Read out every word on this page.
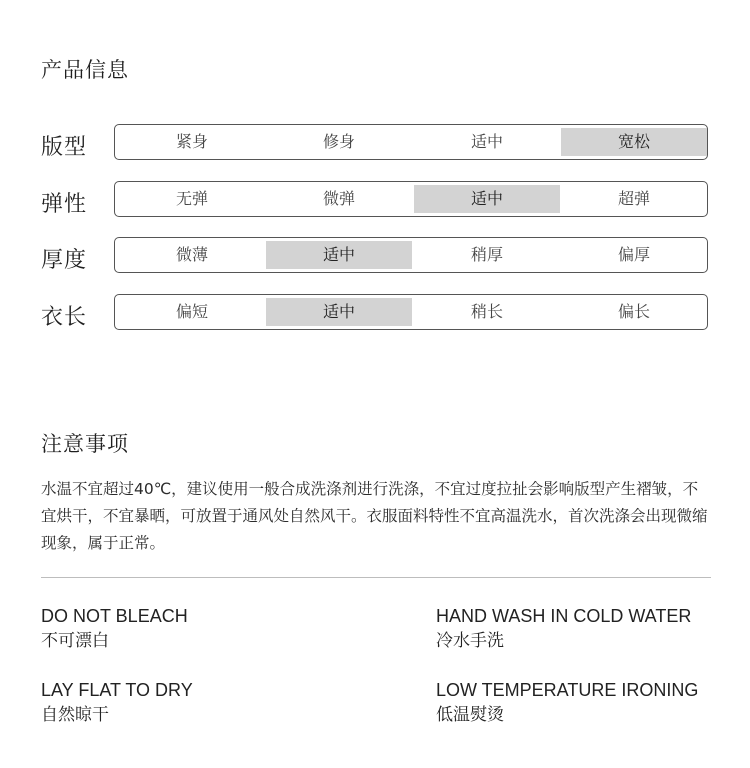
产品信息
版型	紧身	修身	适中	宽松
弹性	无弹	微弹	适中	超弹
厚度	微薄	适中	稍厚	偏厚
衣长	偏短	适中	稍长	偏长
注意事项

水温不宜超过40℃，建议使用一般合成洗涤剂进行洗涤，不宜过度拉扯会影响版型产生褶皱，不宜烘干，不宜暴晒，可放置于通风处自然风干。衣服面料特性不宜高温洗水，首次洗涤会出现微缩现象，属于正常。

DO NOT BLEACH
不可漂白
HAND WASH IN COLD WATER
冷水手洗
LAY FLAT TO DRY
自然晾干
LOW TEMPERATURE IRONING
低温熨烫
